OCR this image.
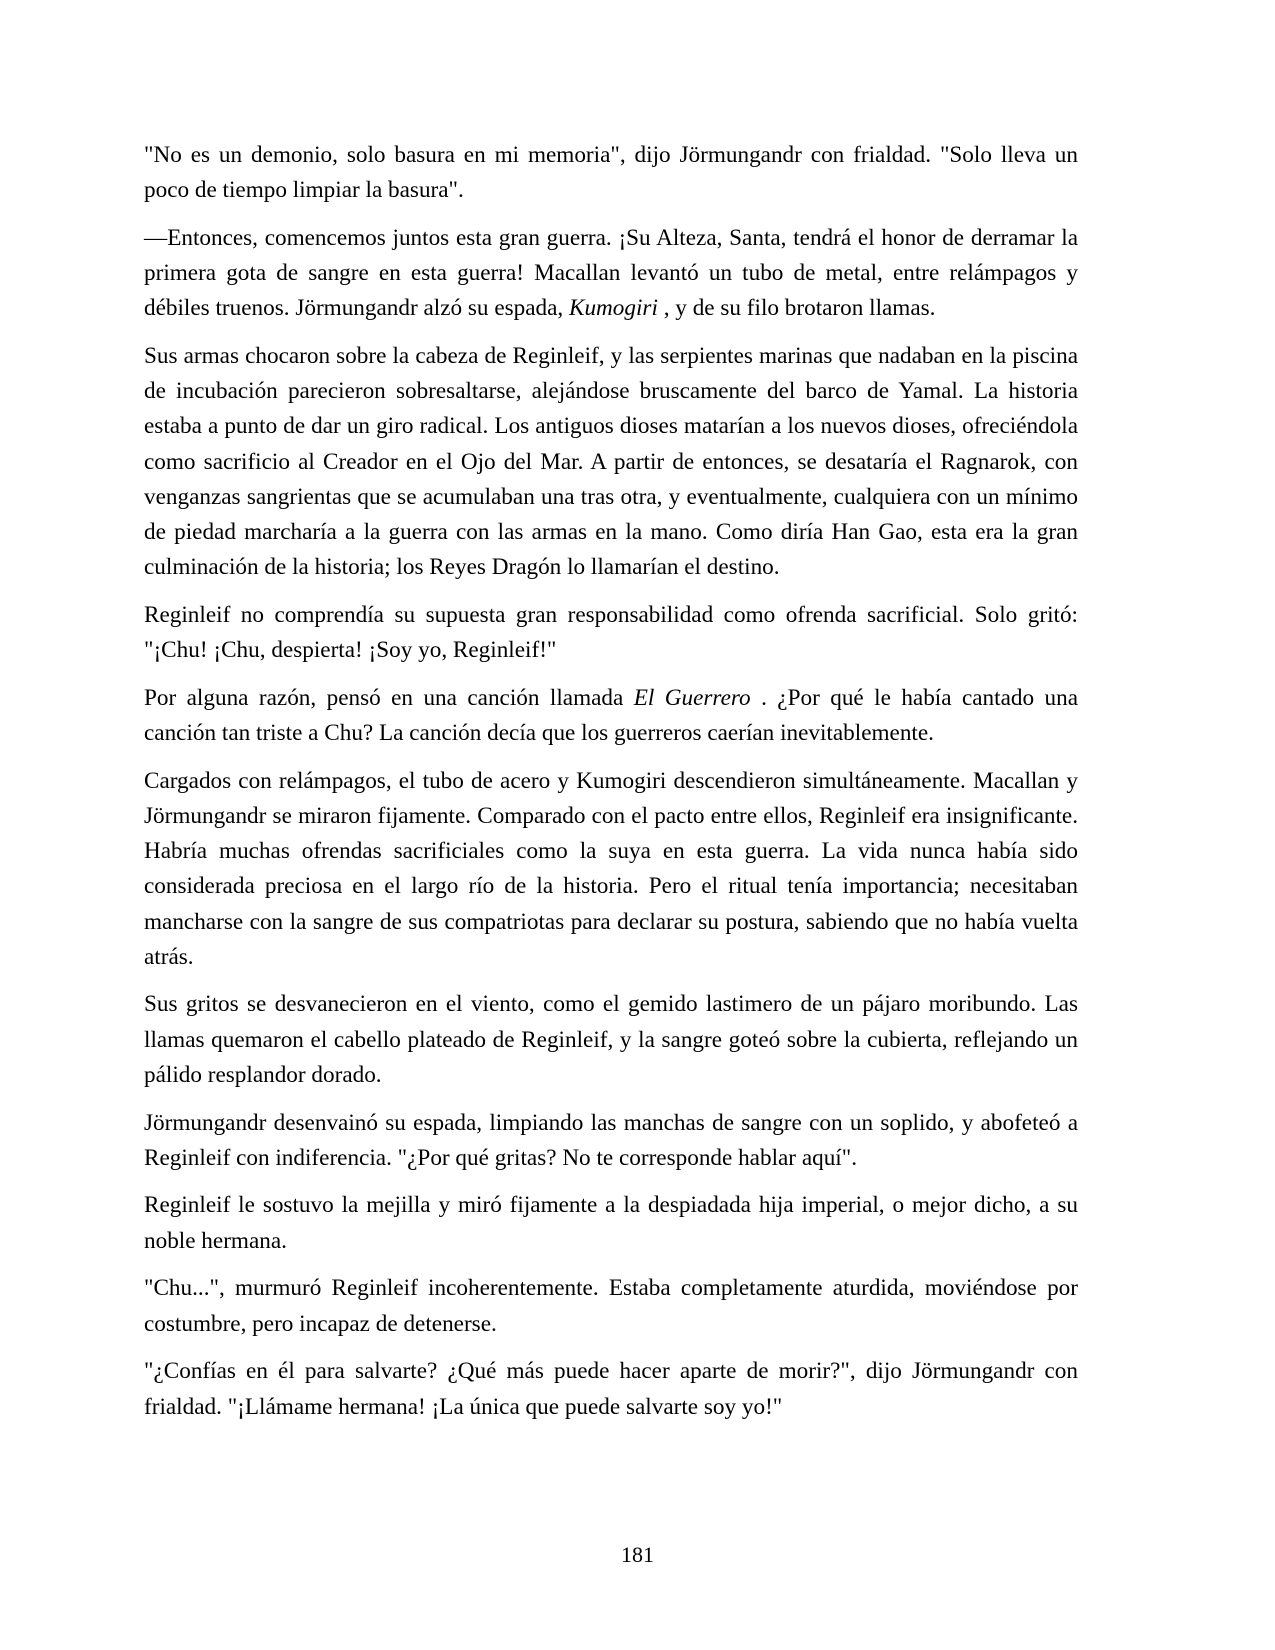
"No es un demonio, solo basura en mi memoria", dijo Jörmungandr con frialdad. "Solo lleva un poco de tiempo limpiar la basura".

—Entonces, comencemos juntos esta gran guerra. ¡Su Alteza, Santa, tendrá el honor de derramar la primera gota de sangre en esta guerra! Macallan levantó un tubo de metal, entre relámpagos y débiles truenos. Jörmungandr alzó su espada, Kumogiri , y de su filo brotaron llamas.

Sus armas chocaron sobre la cabeza de Reginleif, y las serpientes marinas que nadaban en la piscina de incubación parecieron sobresaltarse, alejándose bruscamente del barco de Yamal. La historia estaba a punto de dar un giro radical. Los antiguos dioses matarían a los nuevos dioses, ofreciéndola como sacrificio al Creador en el Ojo del Mar. A partir de entonces, se desataría el Ragnarok, con venganzas sangrientas que se acumulaban una tras otra, y eventualmente, cualquiera con un mínimo de piedad marcharía a la guerra con las armas en la mano. Como diría Han Gao, esta era la gran culminación de la historia; los Reyes Dragón lo llamarían el destino.

Reginleif no comprendía su supuesta gran responsabilidad como ofrenda sacrificial. Solo gritó: "¡Chu! ¡Chu, despierta! ¡Soy yo, Reginleif!"

Por alguna razón, pensó en una canción llamada El Guerrero . ¿Por qué le había cantado una canción tan triste a Chu? La canción decía que los guerreros caerían inevitablemente.

Cargados con relámpagos, el tubo de acero y Kumogiri descendieron simultáneamente. Macallan y Jörmungandr se miraron fijamente. Comparado con el pacto entre ellos, Reginleif era insignificante. Habría muchas ofrendas sacrificiales como la suya en esta guerra. La vida nunca había sido considerada preciosa en el largo río de la historia. Pero el ritual tenía importancia; necesitaban mancharse con la sangre de sus compatriotas para declarar su postura, sabiendo que no había vuelta atrás.

Sus gritos se desvanecieron en el viento, como el gemido lastimero de un pájaro moribundo. Las llamas quemaron el cabello plateado de Reginleif, y la sangre goteó sobre la cubierta, reflejando un pálido resplandor dorado.

Jörmungandr desenvainó su espada, limpiando las manchas de sangre con un soplido, y abofeteó a Reginleif con indiferencia. "¿Por qué gritas? No te corresponde hablar aquí".

Reginleif le sostuvo la mejilla y miró fijamente a la despiadada hija imperial, o mejor dicho, a su noble hermana.

"Chu...", murmuró Reginleif incoherentemente. Estaba completamente aturdida, moviéndose por costumbre, pero incapaz de detenerse.

"¿Confías en él para salvarte? ¿Qué más puede hacer aparte de morir?", dijo Jörmungandr con frialdad. "¡Llámame hermana! ¡La única que puede salvarte soy yo!"

181
